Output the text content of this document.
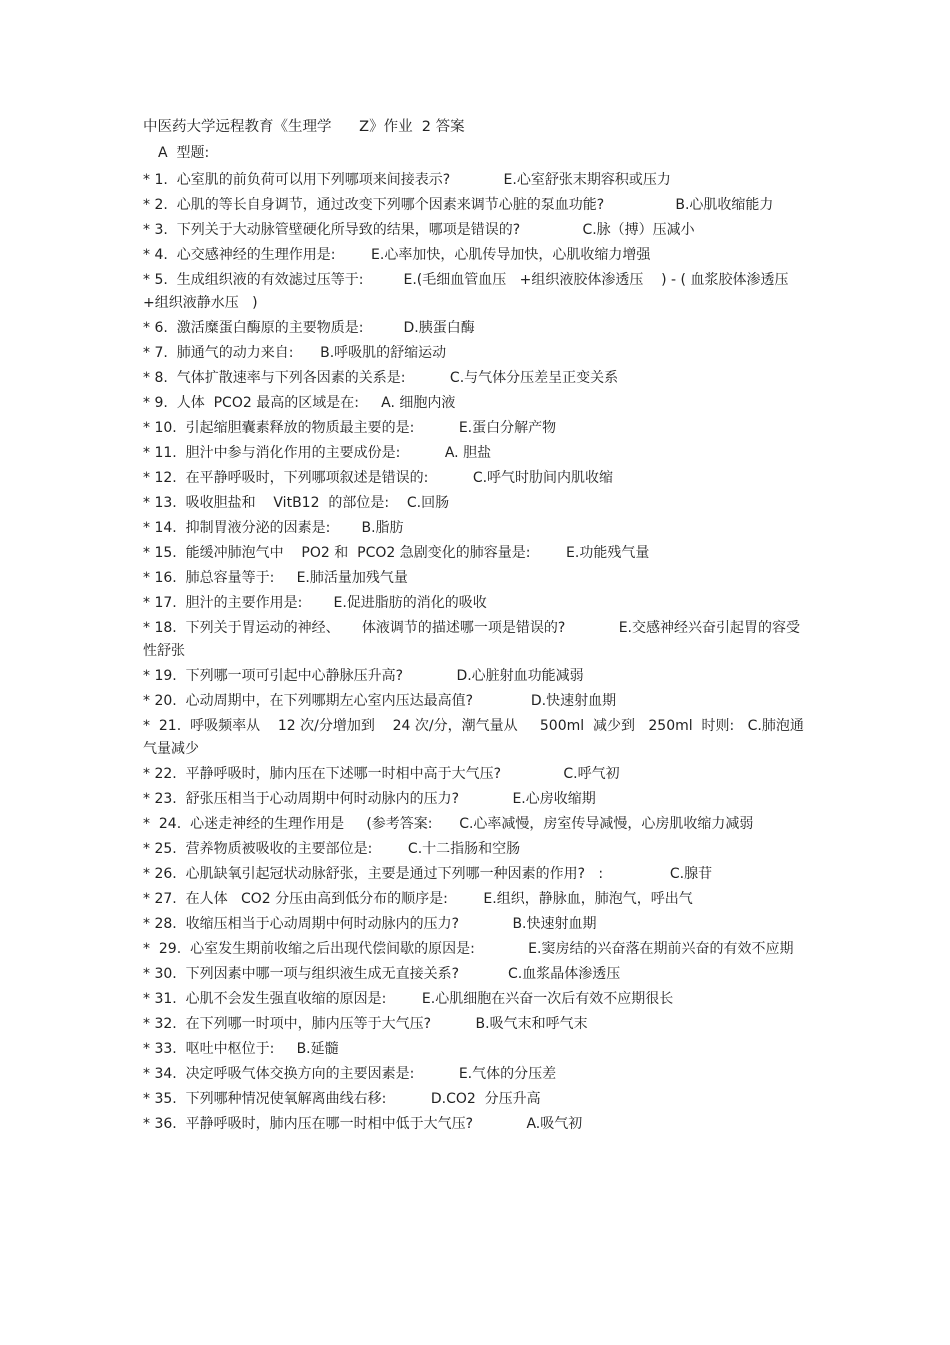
中医药大学远程教育《生理学      Z》作业  2 答案
A  型题:
* 1.  心室肌的前负荷可以用下列哪项来间接表示?            E.心室舒张末期容积或压力
* 2.  心肌的等长自身调节，通过改变下列哪个因素来调节心脏的泵血功能?                B.心肌收缩能力
* 3.  下列关于大动脉管壁硬化所导致的结果，哪项是错误的?              C.脉（搏）压减小
* 4.  心交感神经的生理作用是:        E.心率加快，心肌传导加快，心肌收缩力增强
* 5.  生成组织液的有效滤过压等于:         E.(毛细血管血压   +组织液胶体渗透压    ) - ( 血浆胶体渗透压+组织液静水压   )
* 6.  激活糜蛋白酶原的主要物质是:         D.胰蛋白酶
* 7.  肺通气的动力来自:      B.呼吸肌的舒缩运动
* 8.  气体扩散速率与下列各因素的关系是:          C.与气体分压差呈正变关系
* 9.  人体  PCO2 最高的区域是在:     A. 细胞内液
* 10.  引起缩胆囊素释放的物质最主要的是:          E.蛋白分解产物
* 11.  胆汁中参与消化作用的主要成份是:          A. 胆盐
* 12.  在平静呼吸时，下列哪项叙述是错误的:          C.呼气时肋间内肌收缩
* 13.  吸收胆盐和    VitB12  的部位是:    C.回肠
* 14.  抑制胃液分泌的因素是:       B.脂肪
* 15.  能缓冲肺泡气中    PO2 和  PCO2 急剧变化的肺容量是:        E.功能残气量
* 16.  肺总容量等于:     E.肺活量加残气量
* 17.  胆汁的主要作用是:       E.促进脂肪的消化的吸收
* 18.  下列关于胃运动的神经、     体液调节的描述哪一项是错误的?            E.交感神经兴奋引起胃的容受性舒张
* 19.  下列哪一项可引起中心静脉压升高?            D.心脏射血功能减弱
* 20.  心动周期中，在下列哪期左心室内压达最高值?             D.快速射血期
*  21.  呼吸频率从    12 次/分增加到    24 次/分，潮气量从     500ml  减少到   250ml  时则:   C.肺泡通气量减少
* 22.  平静呼吸时，肺内压在下述哪一时相中高于大气压?              C.呼气初
* 23.  舒张压相当于心动周期中何时动脉内的压力?            E.心房收缩期
*  24.  心迷走神经的生理作用是     (参考答案:      C.心率减慢，房室传导减慢，心房肌收缩力减弱
* 25.  营养物质被吸收的主要部位是:        C.十二指肠和空肠
* 26.  心肌缺氧引起冠状动脉舒张，主要是通过下列哪一种因素的作用?   :               C.腺苷
* 27.  在人体   CO2 分压由高到低分布的顺序是:        E.组织，静脉血，肺泡气，呼出气
* 28.  收缩压相当于心动周期中何时动脉内的压力?            B.快速射血期
*  29.  心室发生期前收缩之后出现代偿间歇的原因是:            E.窦房结的兴奋落在期前兴奋的有效不应期
* 30.  下列因素中哪一项与组织液生成无直接关系?           C.血浆晶体渗透压
* 31.  心肌不会发生强直收缩的原因是:        E.心肌细胞在兴奋一次后有效不应期很长
* 32.  在下列哪一时项中，肺内压等于大气压?          B.吸气末和呼气末
* 33.  呕吐中枢位于:     B.延髓
* 34.  决定呼吸气体交换方向的主要因素是:          E.气体的分压差
* 35.  下列哪种情况使氧解离曲线右移:          D.CO2  分压升高
* 36.  平静呼吸时，肺内压在哪一时相中低于大气压?            A.吸气初
